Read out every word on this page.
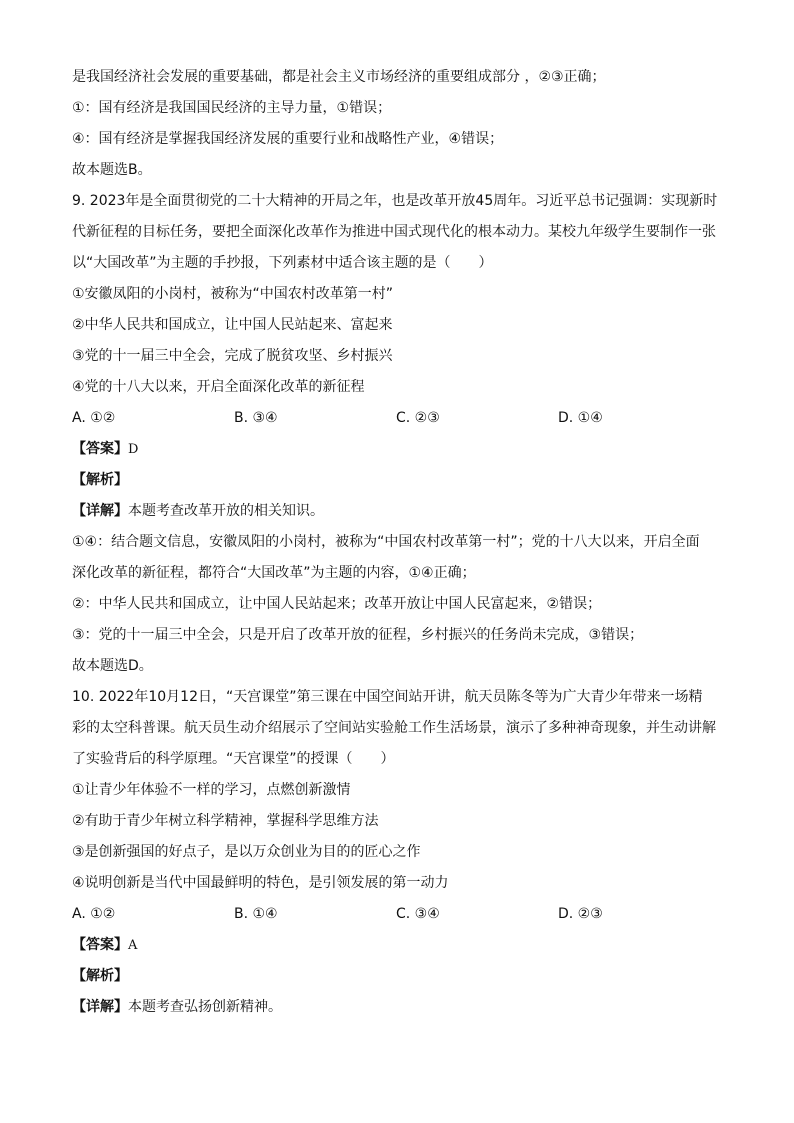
是我国经济社会发展的重要基础，都是社会主义市场经济的重要组成部分 ，②③正确；
①：国有经济是我国国民经济的主导力量，①错误；
④：国有经济是掌握我国经济发展的重要行业和战略性产业，④错误；
故本题选B。
9. 2023年是全面贯彻党的二十大精神的开局之年，也是改革开放45周年。习近平总书记强调：实现新时
代新征程的目标任务，要把全面深化改革作为推进中国式现代化的根本动力。某校九年级学生要制作一张
以“大国改革”为主题的手抄报，下列素材中适合该主题的是（　　）
①安徽凤阳的小岗村，被称为“中国农村改革第一村”
②中华人民共和国成立，让中国人民站起来、富起来
③党的十一届三中全会，完成了脱贫攻坚、乡村振兴
④党的十八大以来，开启全面深化改革的新征程
A. ①②	B. ③④	C. ②③	D. ①④
【答案】D
【解析】
【详解】本题考查改革开放的相关知识。
①④：结合题文信息，安徽凤阳的小岗村，被称为“中国农村改革第一村”；党的十八大以来，开启全面
深化改革的新征程，都符合“大国改革”为主题的内容，①④正确；
②：中华人民共和国成立，让中国人民站起来；改革开放让中国人民富起来，②错误；
③：党的十一届三中全会，只是开启了改革开放的征程，乡村振兴的任务尚未完成，③错误；
故本题选D。
10. 2022年10月12日，“天宫课堂”第三课在中国空间站开讲，航天员陈冬等为广大青少年带来一场精
彩的太空科普课。航天员生动介绍展示了空间站实验舱工作生活场景，演示了多种神奇现象，并生动讲解
了实验背后的科学原理。“天宫课堂”的授课（　　）
①让青少年体验不一样的学习，点燃创新激情
②有助于青少年树立科学精神，掌握科学思维方法
③是创新强国的好点子，是以万众创业为目的的匠心之作
④说明创新是当代中国最鲜明的特色，是引领发展的第一动力
A. ①②	B. ①④	C. ③④	D. ②③
【答案】A
【解析】
【详解】本题考查弘扬创新精神。
